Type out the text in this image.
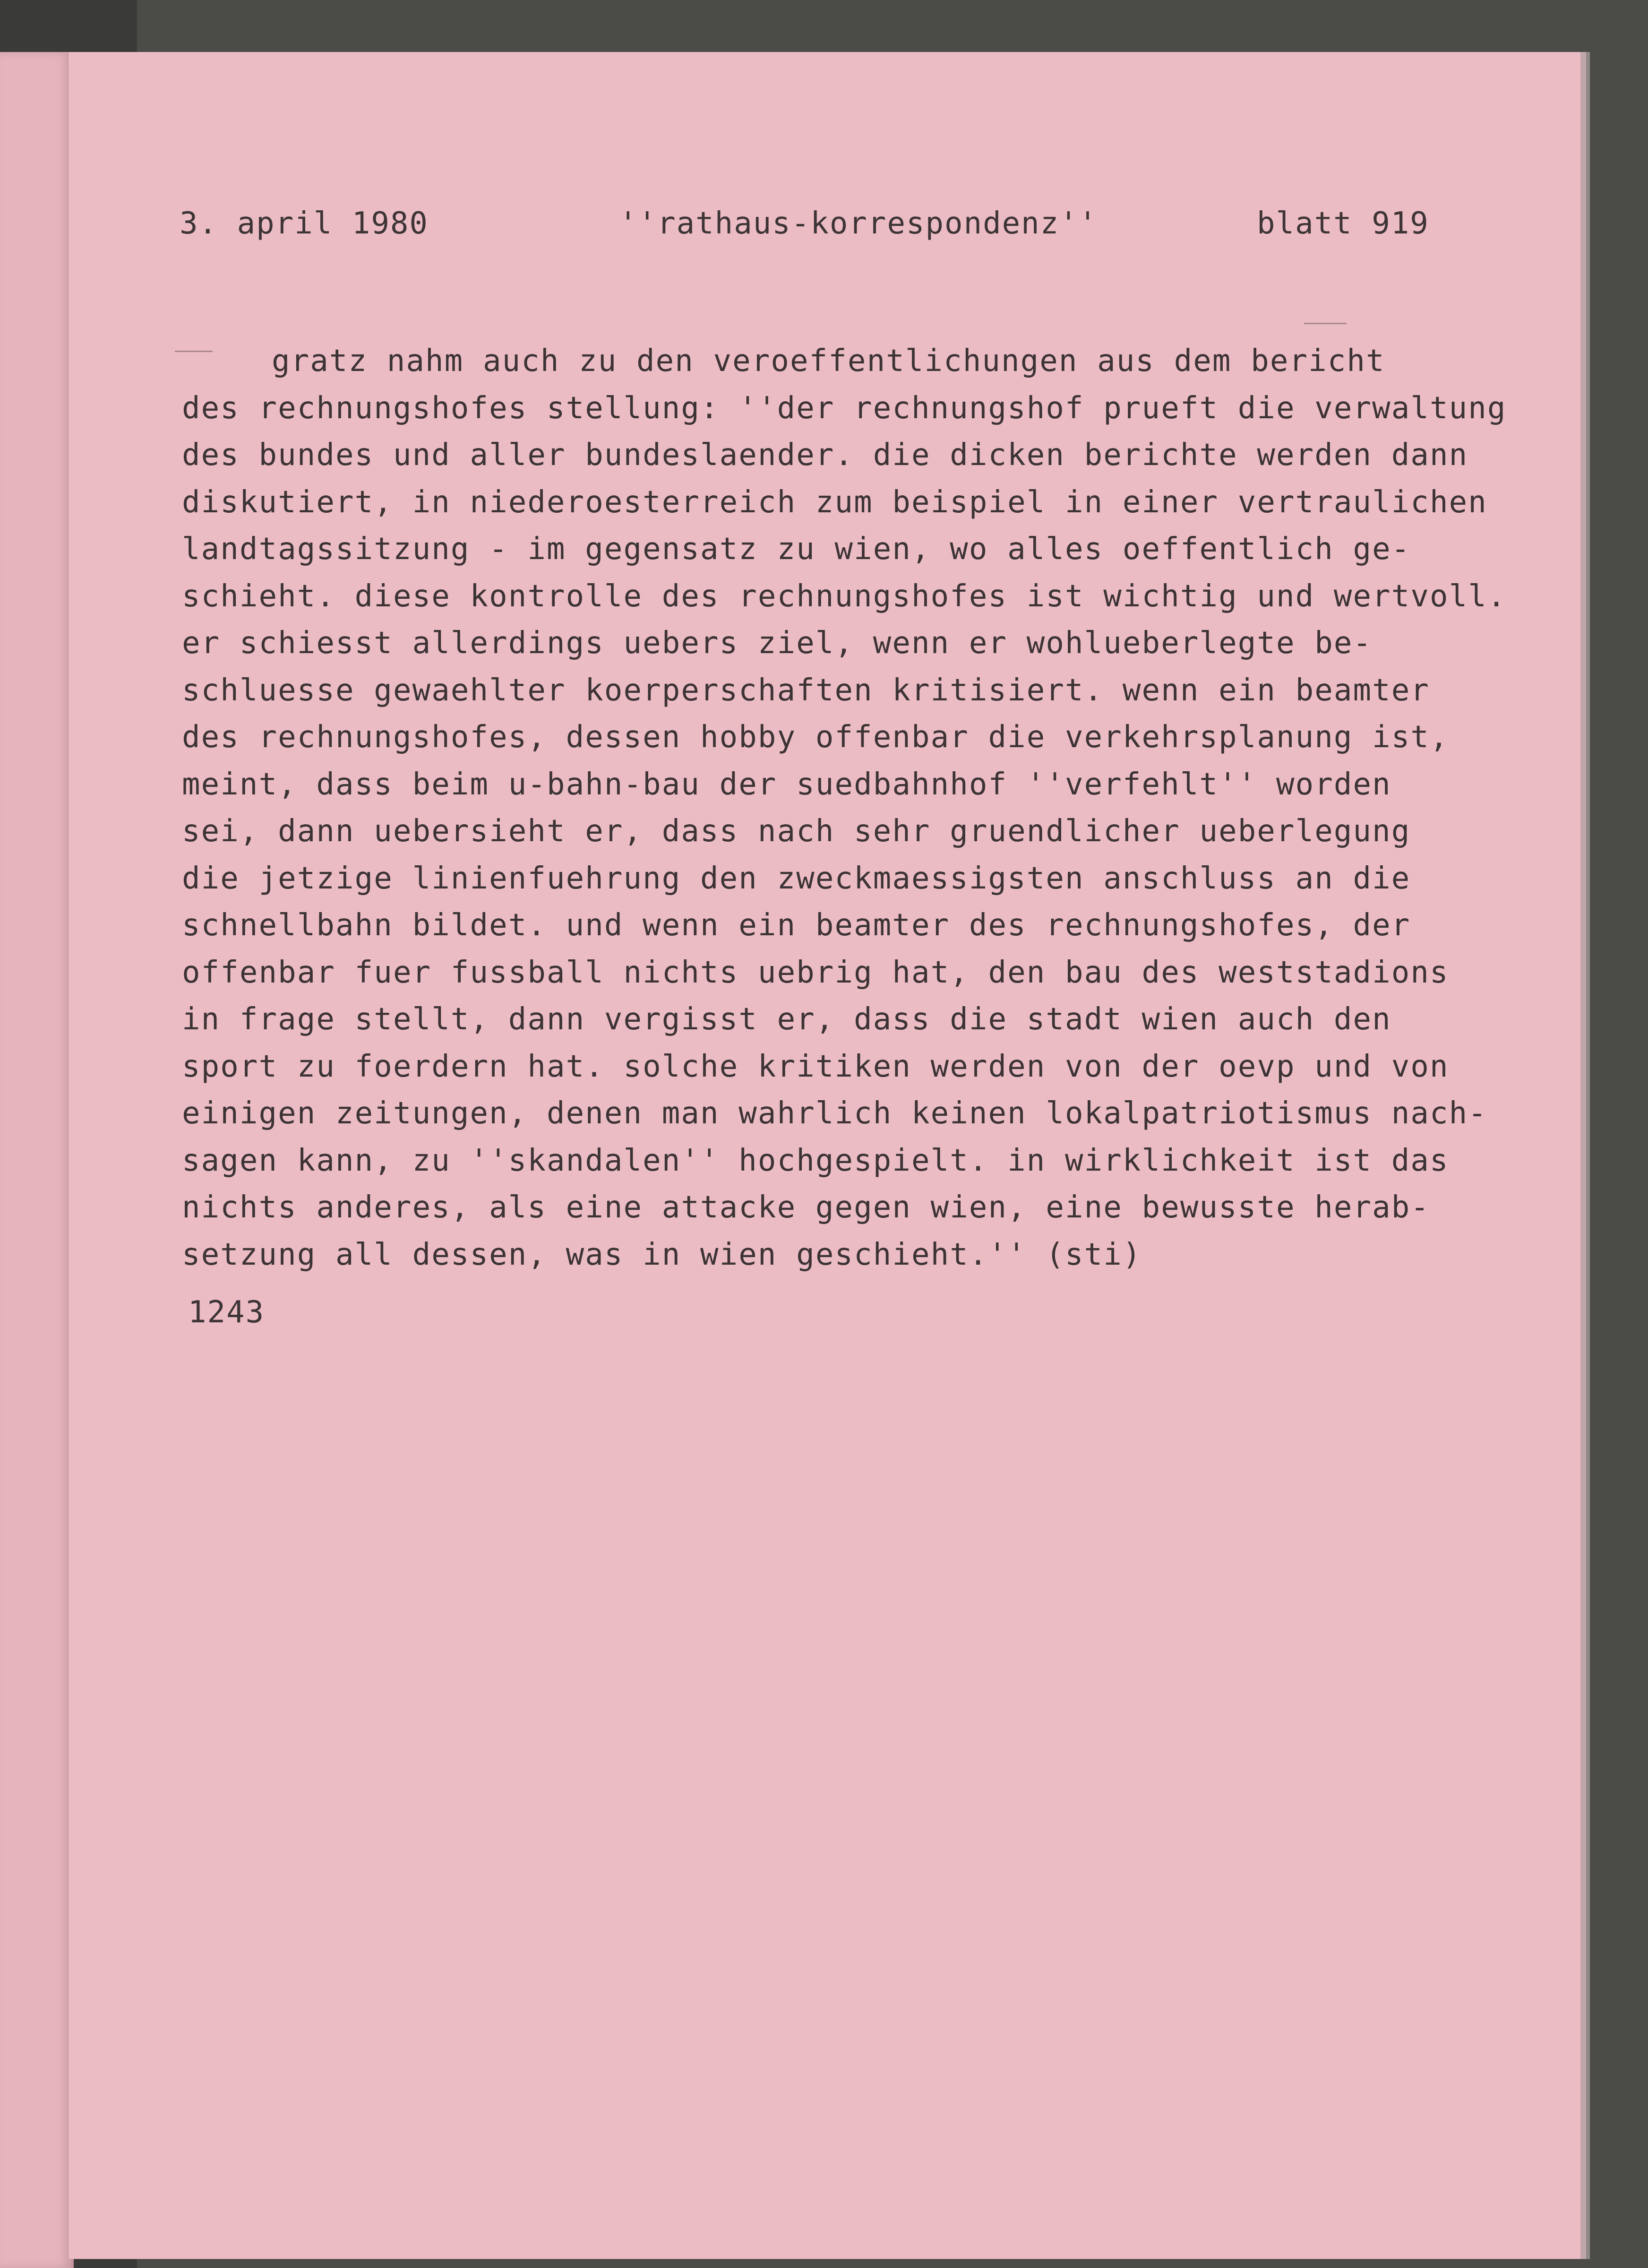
3. april 1980	''rathaus-korrespondenz''	blatt 919
gratz nahm auch zu den veroeffentlichungen aus dem bericht
des rechnungshofes stellung: ''der rechnungshof prueft die verwaltung
des bundes und aller bundeslaender. die dicken berichte werden dann
diskutiert, in niederoesterreich zum beispiel in einer vertraulichen
landtagssitzung - im gegensatz zu wien, wo alles oeffentlich ge-
schieht. diese kontrolle des rechnungshofes ist wichtig und wertvoll.
er schiesst allerdings uebers ziel, wenn er wohlueberlegte be-
schluesse gewaehlter koerperschaften kritisiert. wenn ein beamter
des rechnungshofes, dessen hobby offenbar die verkehrsplanung ist,
meint, dass beim u-bahn-bau der suedbahnhof ''verfehlt'' worden
sei, dann uebersieht er, dass nach sehr gruendlicher ueberlegung
die jetzige linienfuehrung den zweckmaessigsten anschluss an die
schnellbahn bildet. und wenn ein beamter des rechnungshofes, der
offenbar fuer fussball nichts uebrig hat, den bau des weststadions
in frage stellt, dann vergisst er, dass die stadt wien auch den
sport zu foerdern hat. solche kritiken werden von der oevp und von
einigen zeitungen, denen man wahrlich keinen lokalpatriotismus nach-
sagen kann, zu ''skandalen'' hochgespielt. in wirklichkeit ist das
nichts anderes, als eine attacke gegen wien, eine bewusste herab-
setzung all dessen, was in wien geschieht.'' (sti)
1243
